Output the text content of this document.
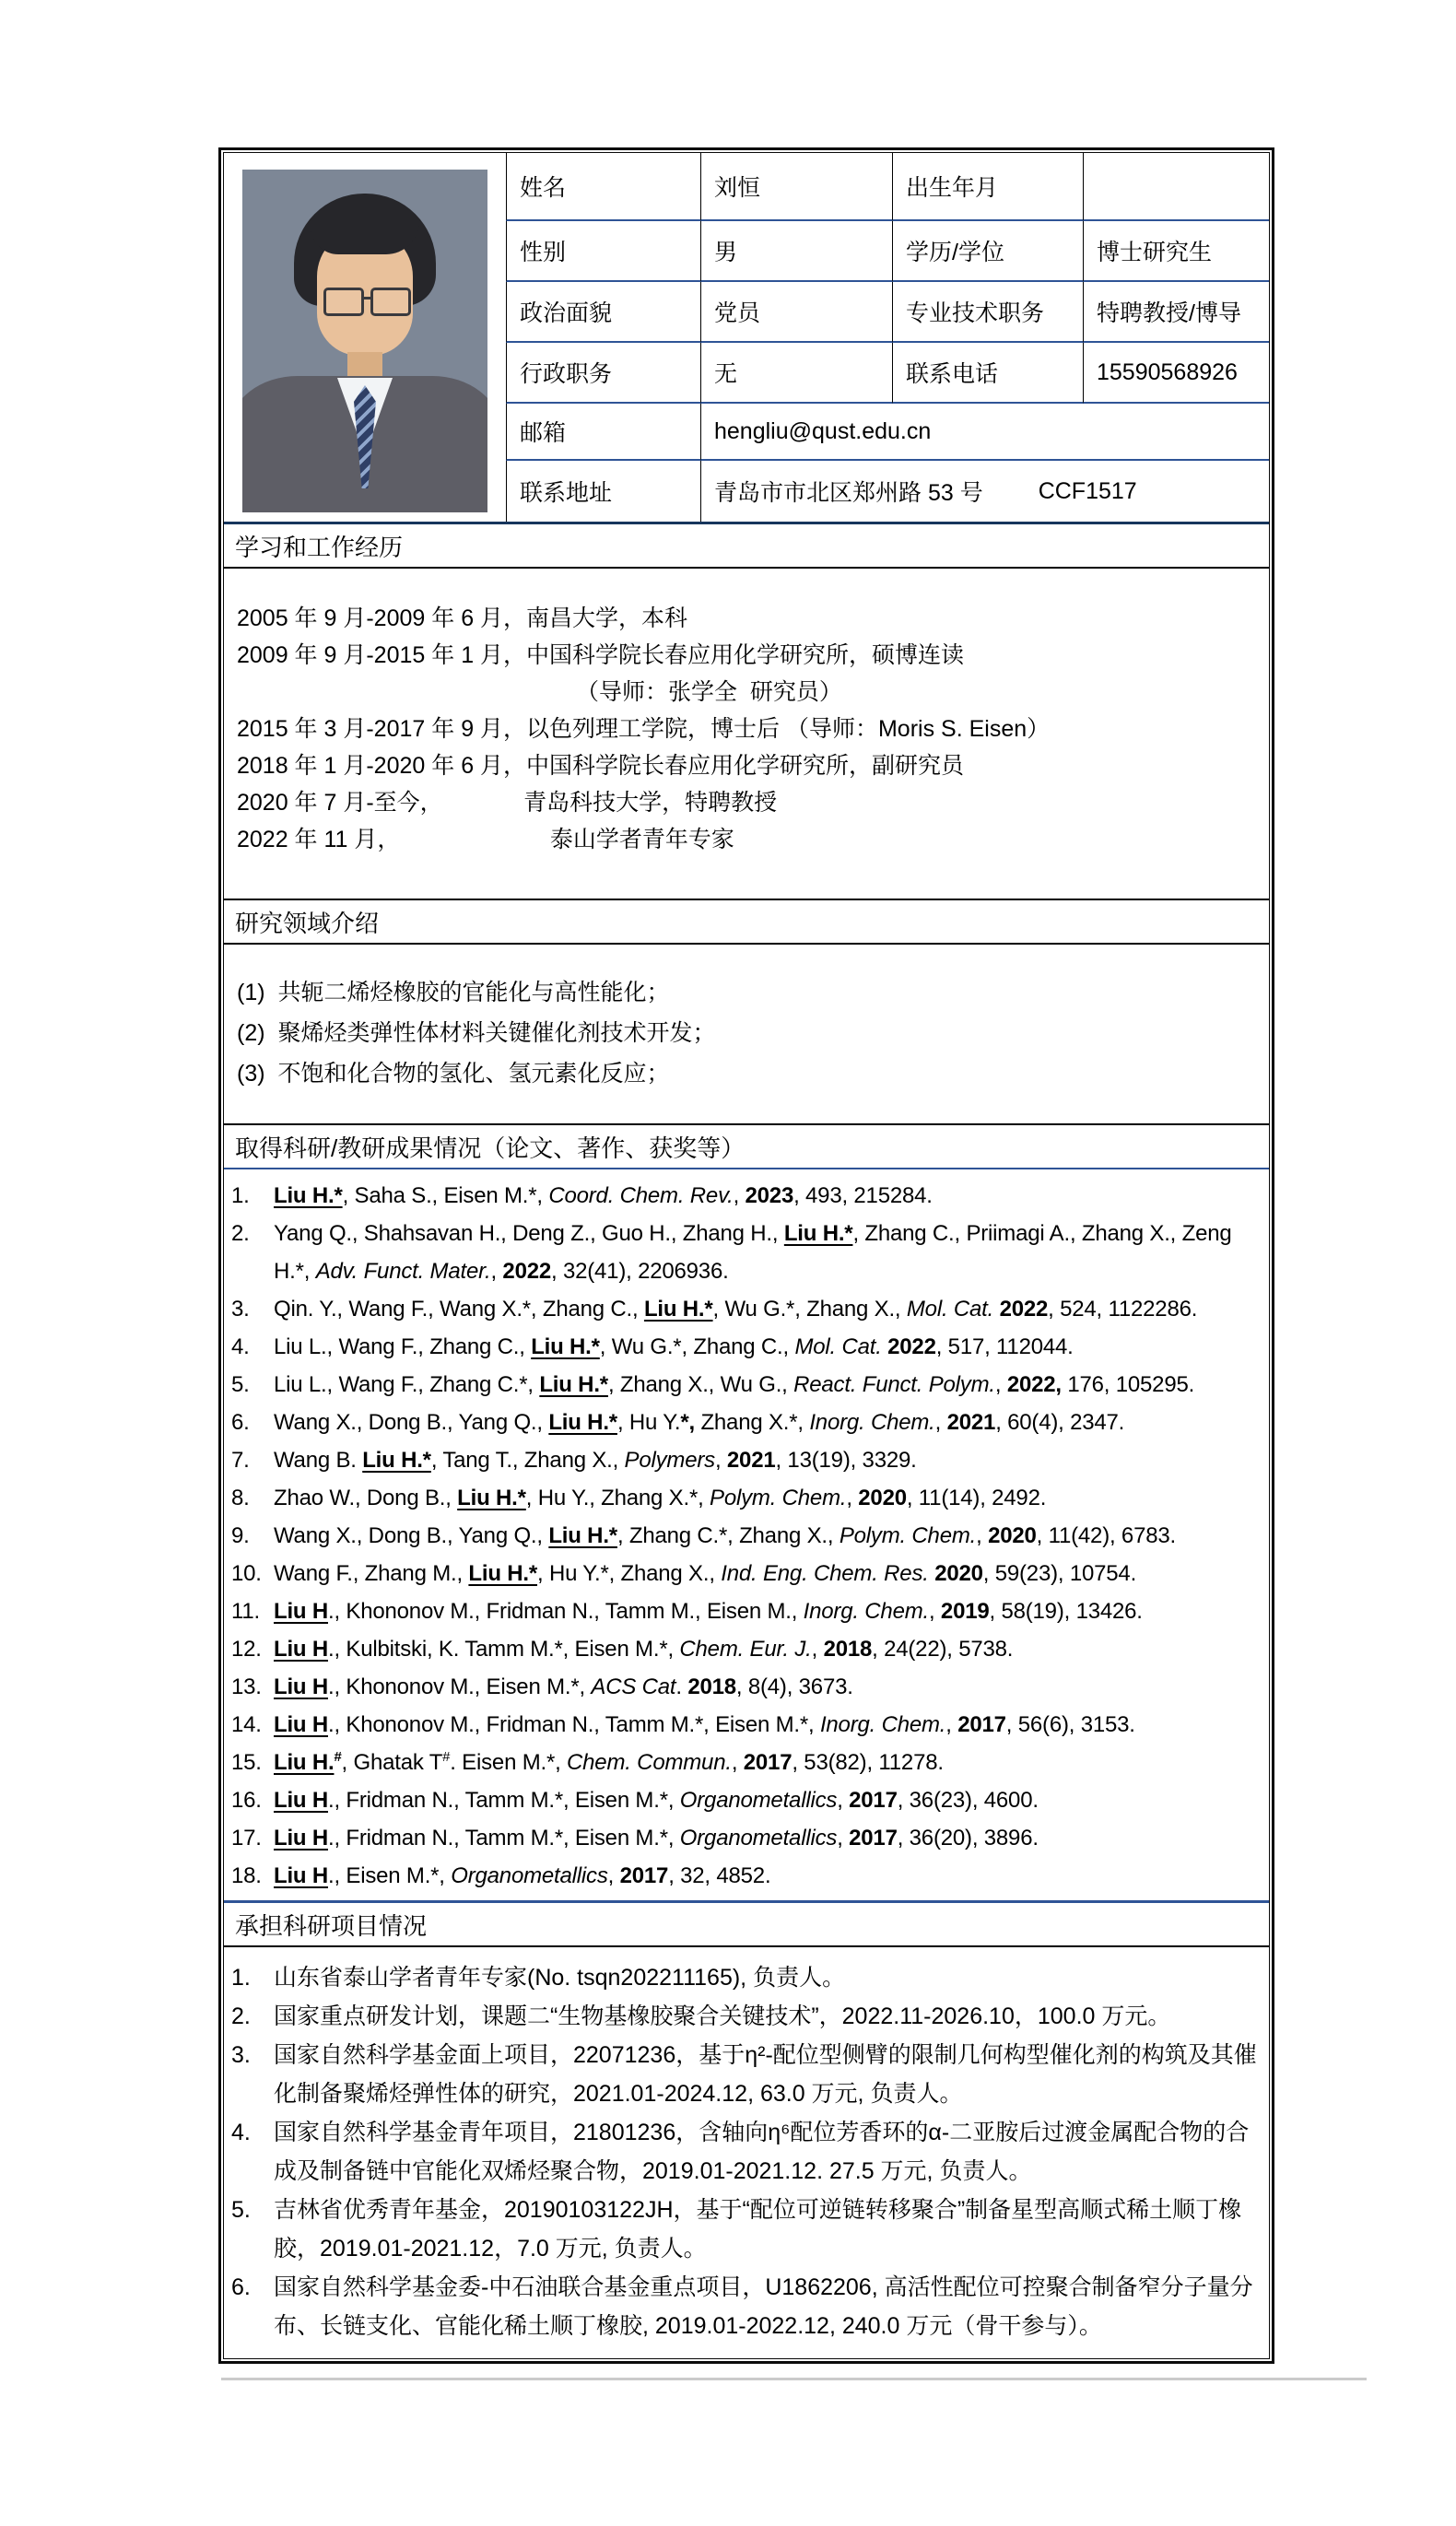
姓名	刘恒	出生年月
性别	男	学历/学位	博士研究生
政治面貌	党员	专业技术职务	特聘教授/博导
行政职务	无	联系电话	15590568926
邮箱	hengliu@qust.edu.cn
联系地址	青岛市市北区郑州路 53 号 CCF1517
学习和工作经历
2005 年 9 月-2009 年 6 月，南昌大学，本科
2009 年 9 月-2015 年 1 月，中国科学院长春应用化学研究所，硕博连读
（导师：张学全  研究员）
2015 年 3 月-2017 年 9 月，以色列理工学院，博士后 （导师：Moris S. Eisen）
2018 年 1 月-2020 年 6 月，中国科学院长春应用化学研究所，副研究员
2020 年 7 月-至今，　　　　青岛科技大学，特聘教授
2022 年 11 月，　　　　　　　泰山学者青年专家
研究领域介绍
(1)  共轭二烯烃橡胶的官能化与高性能化；
(2)  聚烯烃类弹性体材料关键催化剂技术开发；
(3)  不饱和化合物的氢化、氢元素化反应；
取得科研/教研成果情况（论文、著作、获奖等）
1.	Liu H.*, Saha S., Eisen M.*, Coord. Chem. Rev., 2023, 493, 215284.
2.	Yang Q., Shahsavan H., Deng Z., Guo H., Zhang H., Liu H.*, Zhang C., Priimagi A., Zhang X., Zeng H.*, Adv. Funct. Mater., 2022, 32(41), 2206936.
3.	Qin. Y., Wang F., Wang X.*, Zhang C., Liu H.*, Wu G.*, Zhang X., Mol. Cat. 2022, 524, 1122286.
4.	Liu L., Wang F., Zhang C., Liu H.*, Wu G.*, Zhang C., Mol. Cat. 2022, 517, 112044.
5.	Liu L., Wang F., Zhang C.*, Liu H.*, Zhang X., Wu G., React. Funct. Polym., 2022, 176, 105295.
6.	Wang X., Dong B., Yang Q., Liu H.*, Hu Y.*, Zhang X.*, Inorg. Chem., 2021, 60(4), 2347.
7.	Wang B. Liu H.*, Tang T., Zhang X., Polymers, 2021, 13(19), 3329.
8.	Zhao W., Dong B., Liu H.*, Hu Y., Zhang X.*, Polym. Chem., 2020, 11(14), 2492.
9.	Wang X., Dong B., Yang Q., Liu H.*, Zhang C.*, Zhang X., Polym. Chem., 2020, 11(42), 6783.
10. Wang F., Zhang M., Liu H.*, Hu Y.*, Zhang X., Ind. Eng. Chem. Res. 2020, 59(23), 10754.
11. Liu H., Khononov M., Fridman N., Tamm M., Eisen M., Inorg. Chem., 2019, 58(19), 13426.
12. Liu H., Kulbitski, K. Tamm M.*, Eisen M.*, Chem. Eur. J., 2018, 24(22), 5738.
13. Liu H., Khononov M., Eisen M.*, ACS Cat. 2018, 8(4), 3673.
14. Liu H., Khononov M., Fridman N., Tamm M.*, Eisen M.*, Inorg. Chem., 2017, 56(6), 3153.
15. Liu H.#, Ghatak T#. Eisen M.*, Chem. Commun., 2017, 53(82), 11278.
16. Liu H., Fridman N., Tamm M.*, Eisen M.*, Organometallics, 2017, 36(23), 4600.
17. Liu H., Fridman N., Tamm M.*, Eisen M.*, Organometallics, 2017, 36(20), 3896.
18. Liu H., Eisen M.*, Organometallics, 2017, 32, 4852.
承担科研项目情况
1.	山东省泰山学者青年专家(No. tsqn202211165), 负责人。
2.	国家重点研发计划，课题二“生物基橡胶聚合关键技术”，2022.11-2026.10，100.0 万元。
3.	国家自然科学基金面上项目，22071236，基于η²-配位型侧臂的限制几何构型催化剂的构筑及其催化制备聚烯烃弹性体的研究，2021.01-2024.12, 63.0 万元, 负责人。
4.	国家自然科学基金青年项目，21801236，含轴向η⁶配位芳香环的α-二亚胺后过渡金属配合物的合成及制备链中官能化双烯烃聚合物，2019.01-2021.12. 27.5 万元, 负责人。
5.	吉林省优秀青年基金，20190103122JH，基于“配位可逆链转移聚合”制备星型高顺式稀土顺丁橡胶，2019.01-2021.12，7.0 万元, 负责人。
6.	国家自然科学基金委-中石油联合基金重点项目，U1862206, 高活性配位可控聚合制备窄分子量分布、长链支化、官能化稀土顺丁橡胶, 2019.01-2022.12, 240.0 万元（骨干参与）。
